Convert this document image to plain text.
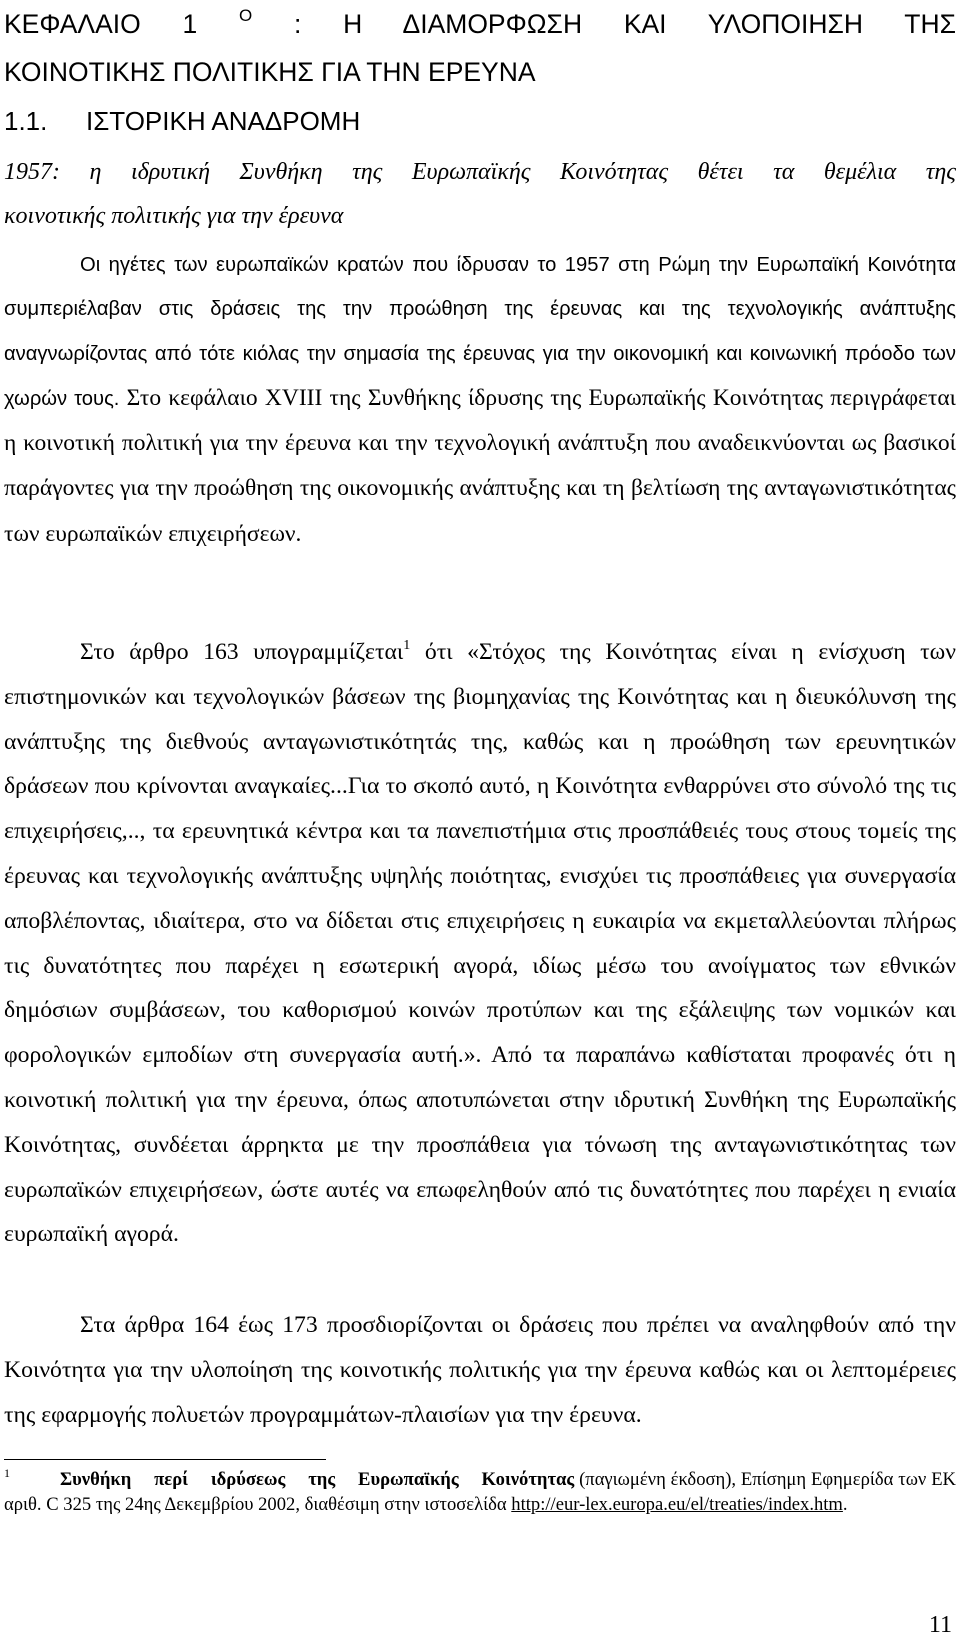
ΚΕΦΑΛΑΙΟ 1 $^O$ : Η ΔΙΑΜΟΡΦΩΣΗ ΚΑΙ ΥΛΟΠΟΙΗΣΗ ΤΗΣ
ΚΟΙΝΟΤΙΚΗΣ ΠΟΛΙΤΙΚΗΣ ΓΙΑ ΤΗΝ ΕΡΕΥΝΑ
1.1. ΙΣΤΟΡΙΚΗ ΑΝΑΔΡΟΜΗ

1957: η ιδρυτική Συνθήκη της Ευρωπαϊκής Κοινότητας θέτει τα θεμέλια της
κοινοτικής πολιτικής για την έρευνα

Οι ηγέτες των ευρωπαϊκών κρατών που ίδρυσαν το 1957 στη Ρώμη την Ευρωπαϊκή Κοινότητα συμπεριέλαβαν στις δράσεις της την προώθηση της έρευνας και της τεχνολογικής ανάπτυξης αναγνωρίζοντας από τότε κιόλας την σημασία της έρευνας για την οικονομική και κοινωνική πρόοδο των χωρών τους. Στο κεφάλαιο XVIII της Συνθήκης ίδρυσης της Ευρωπαϊκής Κοινότητας περιγράφεται η κοινοτική πολιτική για την έρευνα και την τεχνολογική ανάπτυξη που αναδεικνύονται ως βασικοί παράγοντες για την προώθηση της οικονομικής ανάπτυξης και τη βελτίωση της ανταγωνιστικότητας των ευρωπαϊκών επιχειρήσεων.

Στο άρθρο 163 υπογραμμίζεται$^1$ ότι «Στόχος της Κοινότητας είναι η ενίσχυση των επιστημονικών και τεχνολογικών βάσεων της βιομηχανίας της Κοινότητας και η διευκόλυνση της ανάπτυξης της διεθνούς ανταγωνιστικότητάς της, καθώς και η προώθηση των ερευνητικών δράσεων που κρίνονται αναγκαίες...Για το σκοπό αυτό, η Κοινότητα ενθαρρύνει στο σύνολό της τις επιχειρήσεις,.., τα ερευνητικά κέντρα και τα πανεπιστήμια στις προσπάθειές τους στους τομείς της έρευνας και τεχνολογικής ανάπτυξης υψηλής ποιότητας, ενισχύει τις προσπάθειες για συνεργασία αποβλέποντας, ιδιαίτερα, στο να δίδεται στις επιχειρήσεις η ευκαιρία να εκμεταλλεύονται πλήρως τις δυνατότητες που παρέχει η εσωτερική αγορά, ιδίως μέσω του ανοίγματος των εθνικών δημόσιων συμβάσεων, του καθορισμού κοινών προτύπων και της εξάλειψης των νομικών και φορολογικών εμποδίων στη συνεργασία αυτή.». Από τα παραπάνω καθίσταται προφανές ότι η κοινοτική πολιτική για την έρευνα, όπως αποτυπώνεται στην ιδρυτική Συνθήκη της Ευρωπαϊκής Κοινότητας, συνδέεται άρρηκτα με την προσπάθεια για τόνωση της ανταγωνιστικότητας των ευρωπαϊκών επιχειρήσεων, ώστε αυτές να επωφεληθούν από τις δυνατότητες που παρέχει η ενιαία ευρωπαϊκή αγορά.

Στα άρθρα 164 έως 173 προσδιορίζονται οι δράσεις που πρέπει να αναληφθούν από την Κοινότητα για την υλοποίηση της κοινοτικής πολιτικής για την έρευνα καθώς και οι λεπτομέρειες της εφαρμογής πολυετών προγραμμάτων-πλαισίων για την έρευνα.

1	Συνθήκη περί ιδρύσεως της Ευρωπαϊκής Κοινότητας (παγιωμένη έκδοση), Επίσημη Εφημερίδα των ΕΚ αριθ. C 325 της 24ης Δεκεμβρίου 2002, διαθέσιμη στην ιστοσελίδα http://eur-lex.europa.eu/el/treaties/index.htm.

11
